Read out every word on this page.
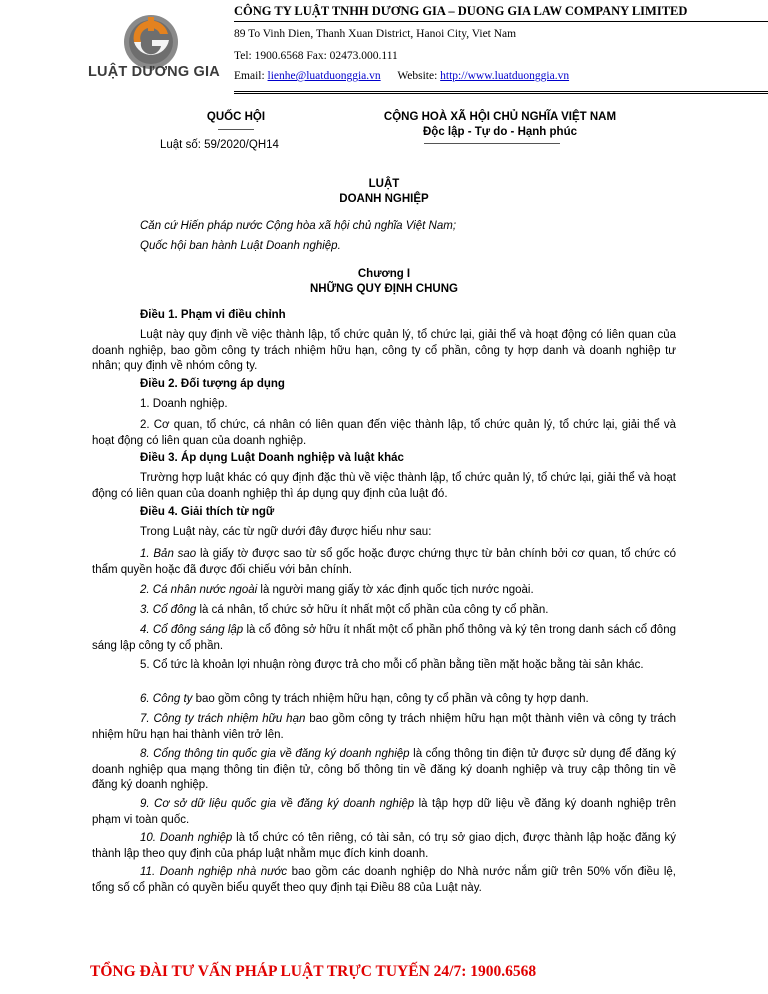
LUẬT DƯƠNG GIA
CÔNG TY LUẬT TNHH DƯƠNG GIA – DUONG GIA LAW COMPANY LIMITED
89 To Vinh Dien, Thanh Xuan District, Hanoi City, Viet Nam
Tel: 1900.6568 Fax: 02473.000.111
Email: lienhe@luatduonggia.vn Website: http://www.luatduonggia.vn
QUỐC HỘI
Luật số: 59/2020/QH14
CỘNG HOÀ XÃ HỘI CHỦ NGHĨA VIỆT NAM
Độc lập - Tự do - Hạnh phúc
LUẬT
DOANH NGHIỆP
Căn cứ Hiến pháp nước Cộng hòa xã hội chủ nghĩa Việt Nam;
Quốc hội ban hành Luật Doanh nghiệp.
Chương I
NHỮNG QUY ĐỊNH CHUNG
Điều 1. Phạm vi điều chỉnh

Luật này quy định về việc thành lập, tổ chức quản lý, tổ chức lại, giải thể và hoạt động có liên quan của doanh nghiệp, bao gồm công ty trách nhiệm hữu hạn, công ty cổ phần, công ty hợp danh và doanh nghiệp tư nhân; quy định về nhóm công ty.

Điều 2. Đối tượng áp dụng
1. Doanh nghiệp.

2. Cơ quan, tổ chức, cá nhân có liên quan đến việc thành lập, tổ chức quản lý, tổ chức lại, giải thể và hoạt động có liên quan của doanh nghiệp.

Điều 3. Áp dụng Luật Doanh nghiệp và luật khác

Trường hợp luật khác có quy định đặc thù về việc thành lập, tổ chức quản lý, tổ chức lại, giải thể và hoạt động có liên quan của doanh nghiệp thì áp dụng quy định của luật đó.

Điều 4. Giải thích từ ngữ
Trong Luật này, các từ ngữ dưới đây được hiểu như sau:

1. Bản sao là giấy tờ được sao từ sổ gốc hoặc được chứng thực từ bản chính bởi cơ quan, tổ chức có thẩm quyền hoặc đã được đối chiếu với bản chính.

2. Cá nhân nước ngoài là người mang giấy tờ xác định quốc tịch nước ngoài.

3. Cổ đông là cá nhân, tổ chức sở hữu ít nhất một cổ phần của công ty cổ phần.

4. Cổ đông sáng lập là cổ đông sở hữu ít nhất một cổ phần phổ thông và ký tên trong danh sách cổ đông sáng lập công ty cổ phần.

5. Cổ tức là khoản lợi nhuận ròng được trả cho mỗi cổ phần bằng tiền mặt hoặc bằng tài sản khác.

6. Công ty bao gồm công ty trách nhiệm hữu hạn, công ty cổ phần và công ty hợp danh.

7. Công ty trách nhiệm hữu hạn bao gồm công ty trách nhiệm hữu hạn một thành viên và công ty trách nhiệm hữu hạn hai thành viên trở lên.

8. Cổng thông tin quốc gia về đăng ký doanh nghiệp là cổng thông tin điện tử được sử dụng để đăng ký doanh nghiệp qua mạng thông tin điện tử, công bố thông tin về đăng ký doanh nghiệp và truy cập thông tin về đăng ký doanh nghiệp.

9. Cơ sở dữ liệu quốc gia về đăng ký doanh nghiệp là tập hợp dữ liệu về đăng ký doanh nghiệp trên phạm vi toàn quốc.

10. Doanh nghiệp là tổ chức có tên riêng, có tài sản, có trụ sở giao dịch, được thành lập hoặc đăng ký thành lập theo quy định của pháp luật nhằm mục đích kinh doanh.

11. Doanh nghiệp nhà nước bao gồm các doanh nghiệp do Nhà nước nắm giữ trên 50% vốn điều lệ, tổng số cổ phần có quyền biểu quyết theo quy định tại Điều 88 của Luật này.

TỔNG ĐÀI TƯ VẤN PHÁP LUẬT TRỰC TUYẾN 24/7: 1900.6568
